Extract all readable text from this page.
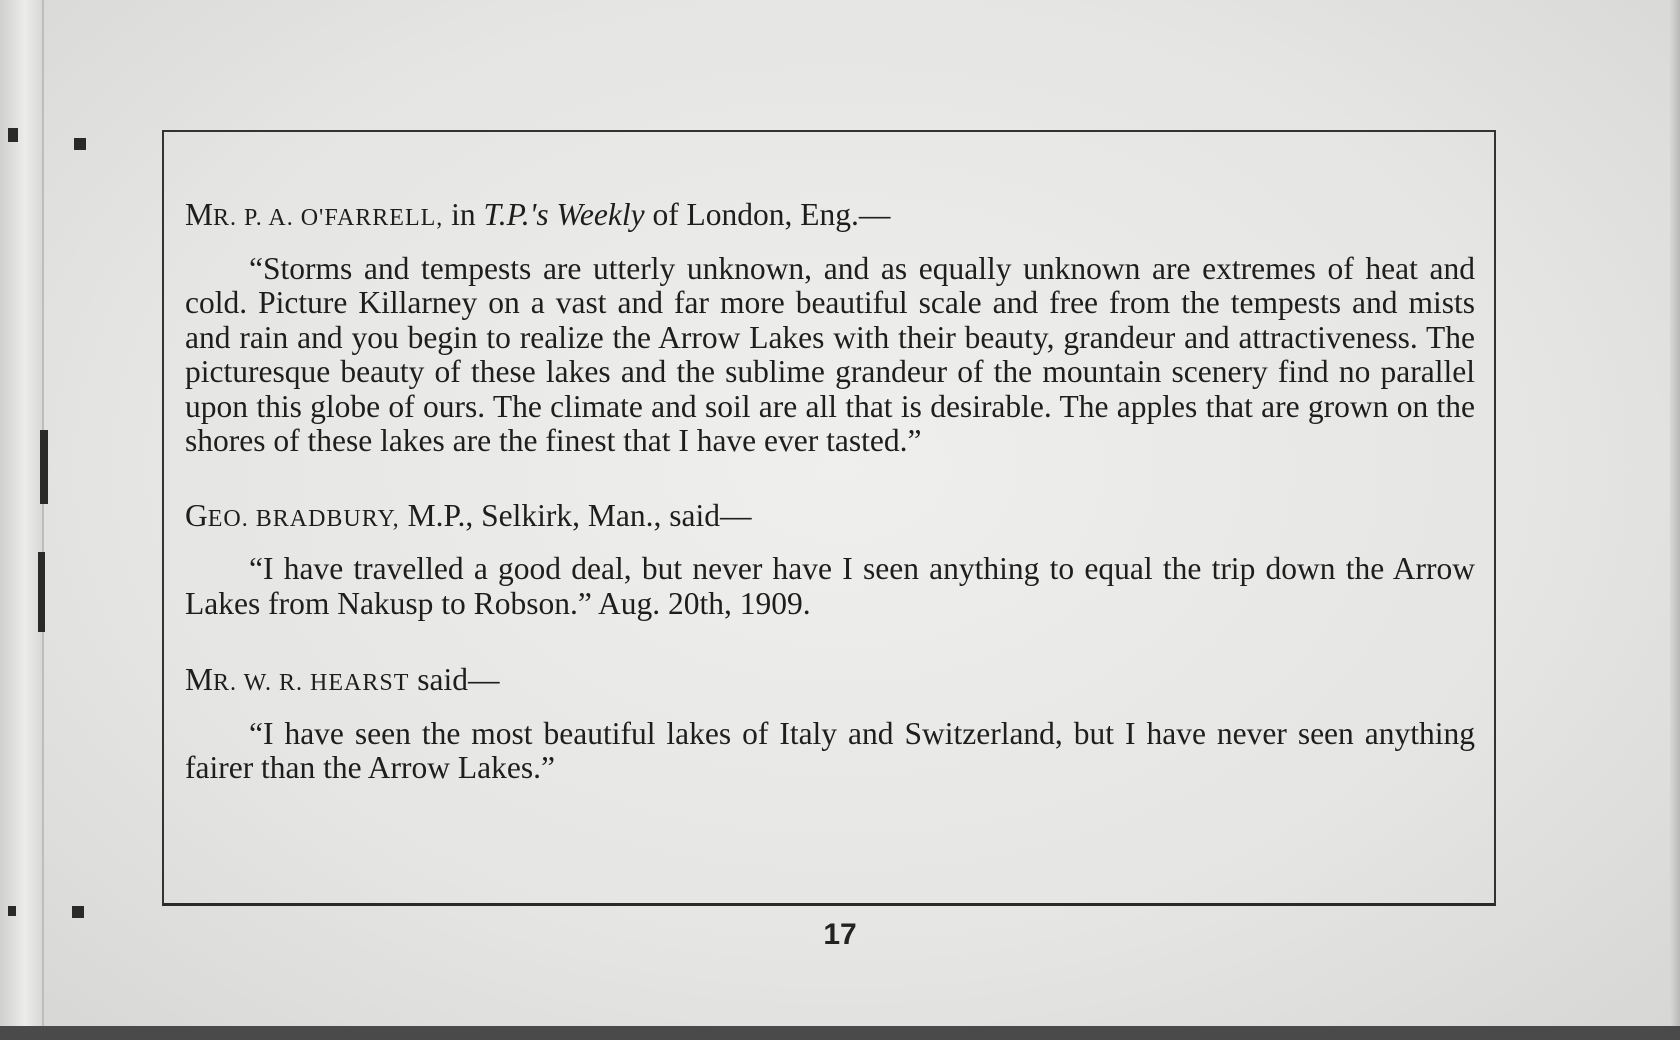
MR. P. A. O'FARRELL, in T.P.'s Weekly of London, Eng.—

“Storms and tempests are utterly unknown, and as equally unknown are extremes of heat and cold. Picture Killarney on a vast and far more beautiful scale and free from the tempests and mists and rain and you begin to realize the Arrow Lakes with their beauty, grandeur and attractiveness. The picturesque beauty of these lakes and the sublime grandeur of the mountain scenery find no parallel upon this globe of ours. The climate and soil are all that is desirable. The apples that are grown on the shores of these lakes are the finest that I have ever tasted.”

GEO. BRADBURY, M.P., Selkirk, Man., said—

“I have travelled a good deal, but never have I seen anything to equal the trip down the Arrow Lakes from Nakusp to Robson.” Aug. 20th, 1909.

MR. W. R. HEARST said—

“I have seen the most beautiful lakes of Italy and Switzerland, but I have never seen anything fairer than the Arrow Lakes.”

17
